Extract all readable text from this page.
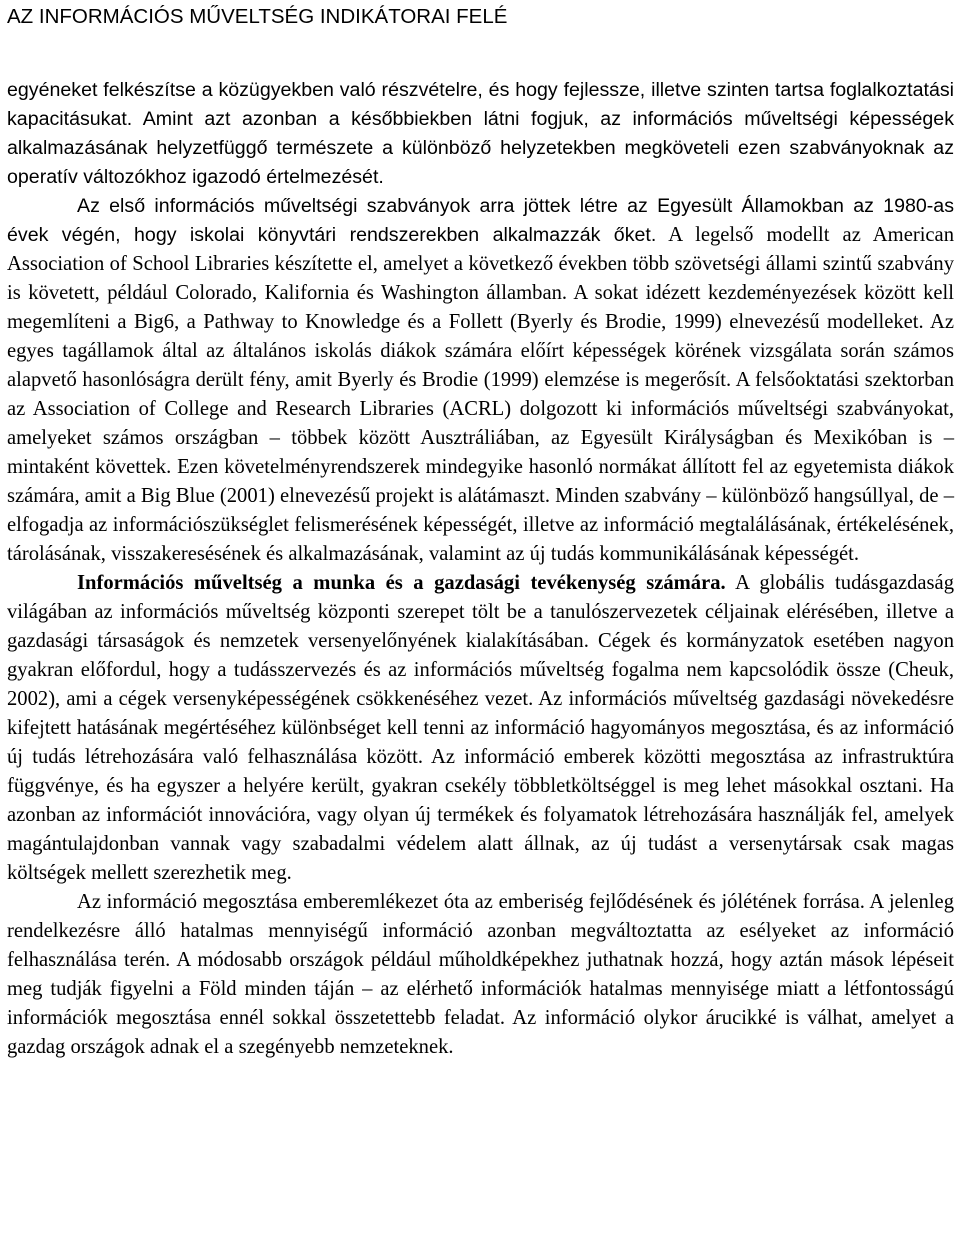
AZ INFORMÁCIÓS MŰVELTSÉG INDIKÁTORAI FELÉ

egyéneket felkészítse a közügyekben való részvételre, és hogy fejlessze, illetve szinten tartsa foglalkoztatási kapacitásukat. Amint azt azonban a későbbiekben látni fogjuk, az információs műveltségi képességek alkalmazásának helyzetfüggő természete a különböző helyzetekben megköveteli ezen szabványoknak az operatív változókhoz igazodó értelmezését.

Az első információs műveltségi szabványok arra jöttek létre az Egyesült Államokban az 1980-as évek végén, hogy iskolai könyvtári rendszerekben alkalmazzák őket. A legelső modellt az American Association of School Libraries készítette el, amelyet a következő években több szövetségi állami szintű szabvány is követett, például Colorado, Kalifornia és Washington államban. A sokat idézett kezdeményezések között kell megemlíteni a Big6, a Pathway to Knowledge és a Follett (Byerly és Brodie, 1999) elnevezésű modelleket. Az egyes tagállamok által az általános iskolás diákok számára előírt képességek körének vizsgálata során számos alapvető hasonlóságra derült fény, amit Byerly és Brodie (1999) elemzése is megerősít. A felsőoktatási szektorban az Association of College and Research Libraries (ACRL) dolgozott ki információs műveltségi szabványokat, amelyeket számos országban – többek között Ausztráliában, az Egyesült Királyságban és Mexikóban is – mintaként követtek. Ezen követelményrendszerek mindegyike hasonló normákat állított fel az egyetemista diákok számára, amit a Big Blue (2001) elnevezésű projekt is alátámaszt. Minden szabvány – különböző hangsúllyal, de – elfogadja az információszükséglet felismerésének képességét, illetve az információ megtalálásának, értékelésének, tárolásának, visszakeresésének és alkalmazásának, valamint az új tudás kommunikálásának képességét.

Információs műveltség a munka és a gazdasági tevékenység számára. A globális tudásgazdaság világában az információs műveltség központi szerepet tölt be a tanulószervezetek céljainak elérésében, illetve a gazdasági társaságok és nemzetek versenyelőnyének kialakításában. Cégek és kormányzatok esetében nagyon gyakran előfordul, hogy a tudásszervezés és az információs műveltség fogalma nem kapcsolódik össze (Cheuk, 2002), ami a cégek versenyképességének csökkenéséhez vezet. Az információs műveltség gazdasági növekedésre kifejtett hatásának megértéséhez különbséget kell tenni az információ hagyományos megosztása, és az információ új tudás létrehozására való felhasználása között. Az információ emberek közötti megosztása az infrastruktúra függvénye, és ha egyszer a helyére került, gyakran csekély többletköltséggel is meg lehet másokkal osztani. Ha azonban az információt innovációra, vagy olyan új termékek és folyamatok létrehozására használják fel, amelyek magántulajdonban vannak vagy szabadalmi védelem alatt állnak, az új tudást a versenytársak csak magas költségek mellett szerezhetik meg.

Az információ megosztása emberemlékezet óta az emberiség fejlődésének és jólétének forrása. A jelenleg rendelkezésre álló hatalmas mennyiségű információ azonban megváltoztatta az esélyeket az információ felhasználása terén. A módosabb országok például műholdképekhez juthatnak hozzá, hogy aztán mások lépéseit meg tudják figyelni a Föld minden táján – az elérhető információk hatalmas mennyisége miatt a létfontosságú információk megosztása ennél sokkal összetettebb feladat. Az információ olykor árucikké is válhat, amelyet a gazdag országok adnak el a szegényebb nemzeteknek.
